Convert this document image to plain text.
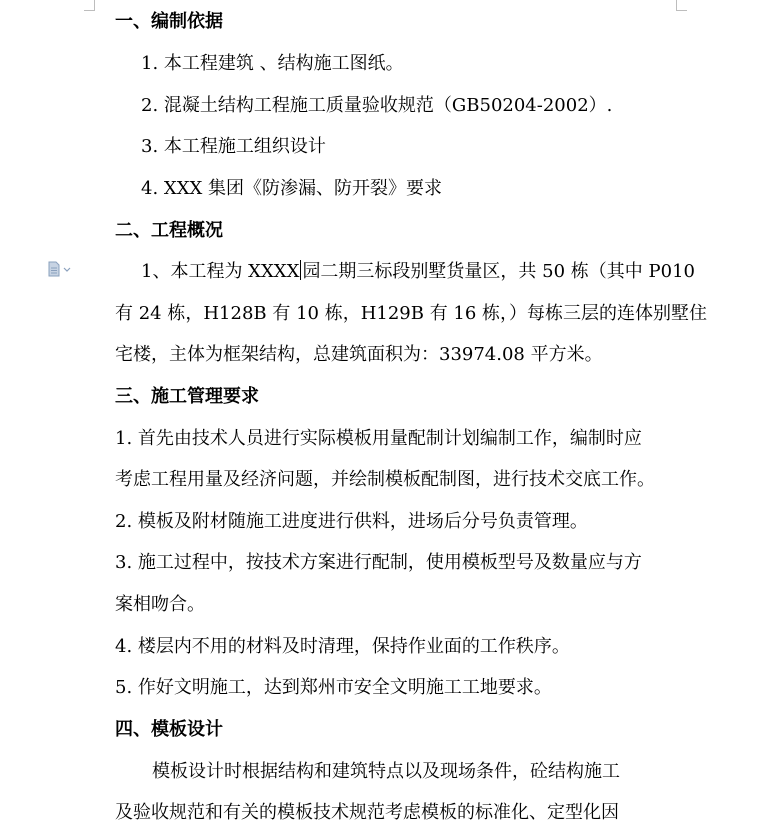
一、编制依据
1. 本工程建筑 、结构施工图纸。
2. 混凝土结构工程施工质量验收规范（GB50204-2002）.
3. 本工程施工组织设计
4. XXX 集团《防渗漏、防开裂》要求
二、工程概况
1、本工程为 XXXX 园二期三标段别墅货量区，共 50 栋（其中 P010
有 24 栋，H128B 有 10 栋，H129B 有 16 栋，）每栋三层的连体别墅住
宅楼，主体为框架结构，总建筑面积为：33974.08 平方米。
三、施工管理要求
1. 首先由技术人员进行实际模板用量配制计划编制工作，编制时应
考虑工程用量及经济问题，并绘制模板配制图，进行技术交底工作。
2. 模板及附材随施工进度进行供料，进场后分号负责管理。
3. 施工过程中，按技术方案进行配制，使用模板型号及数量应与方
案相吻合。
4. 楼层内不用的材料及时清理，保持作业面的工作秩序。
5. 作好文明施工，达到郑州市安全文明施工工地要求。
四、模板设计
模板设计时根据结构和建筑特点以及现场条件，砼结构施工
及验收规范和有关的模板技术规范考虑模板的标准化、定型化因
